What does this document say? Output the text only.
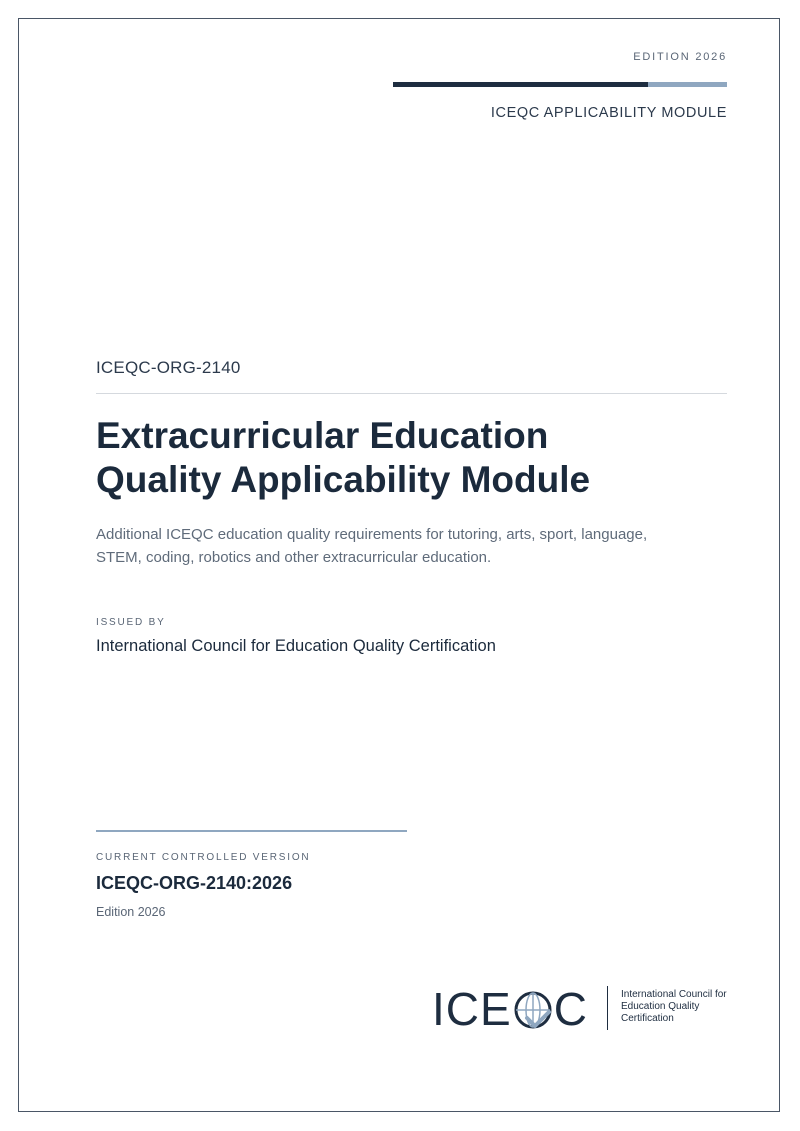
EDITION 2026
ICEQC APPLICABILITY MODULE
ICEQC-ORG-2140
Extracurricular Education
Quality Applicability Module

Additional ICEQC education quality requirements for tutoring, arts, sport, language,
STEM, coding, robotics and other extracurricular education.

ISSUED BY
International Council for Education Quality Certification
CURRENT CONTROLLED VERSION
ICEQC-ORG-2140:2026
Edition 2026
ICE C	International Council for
Education Quality
Certification
